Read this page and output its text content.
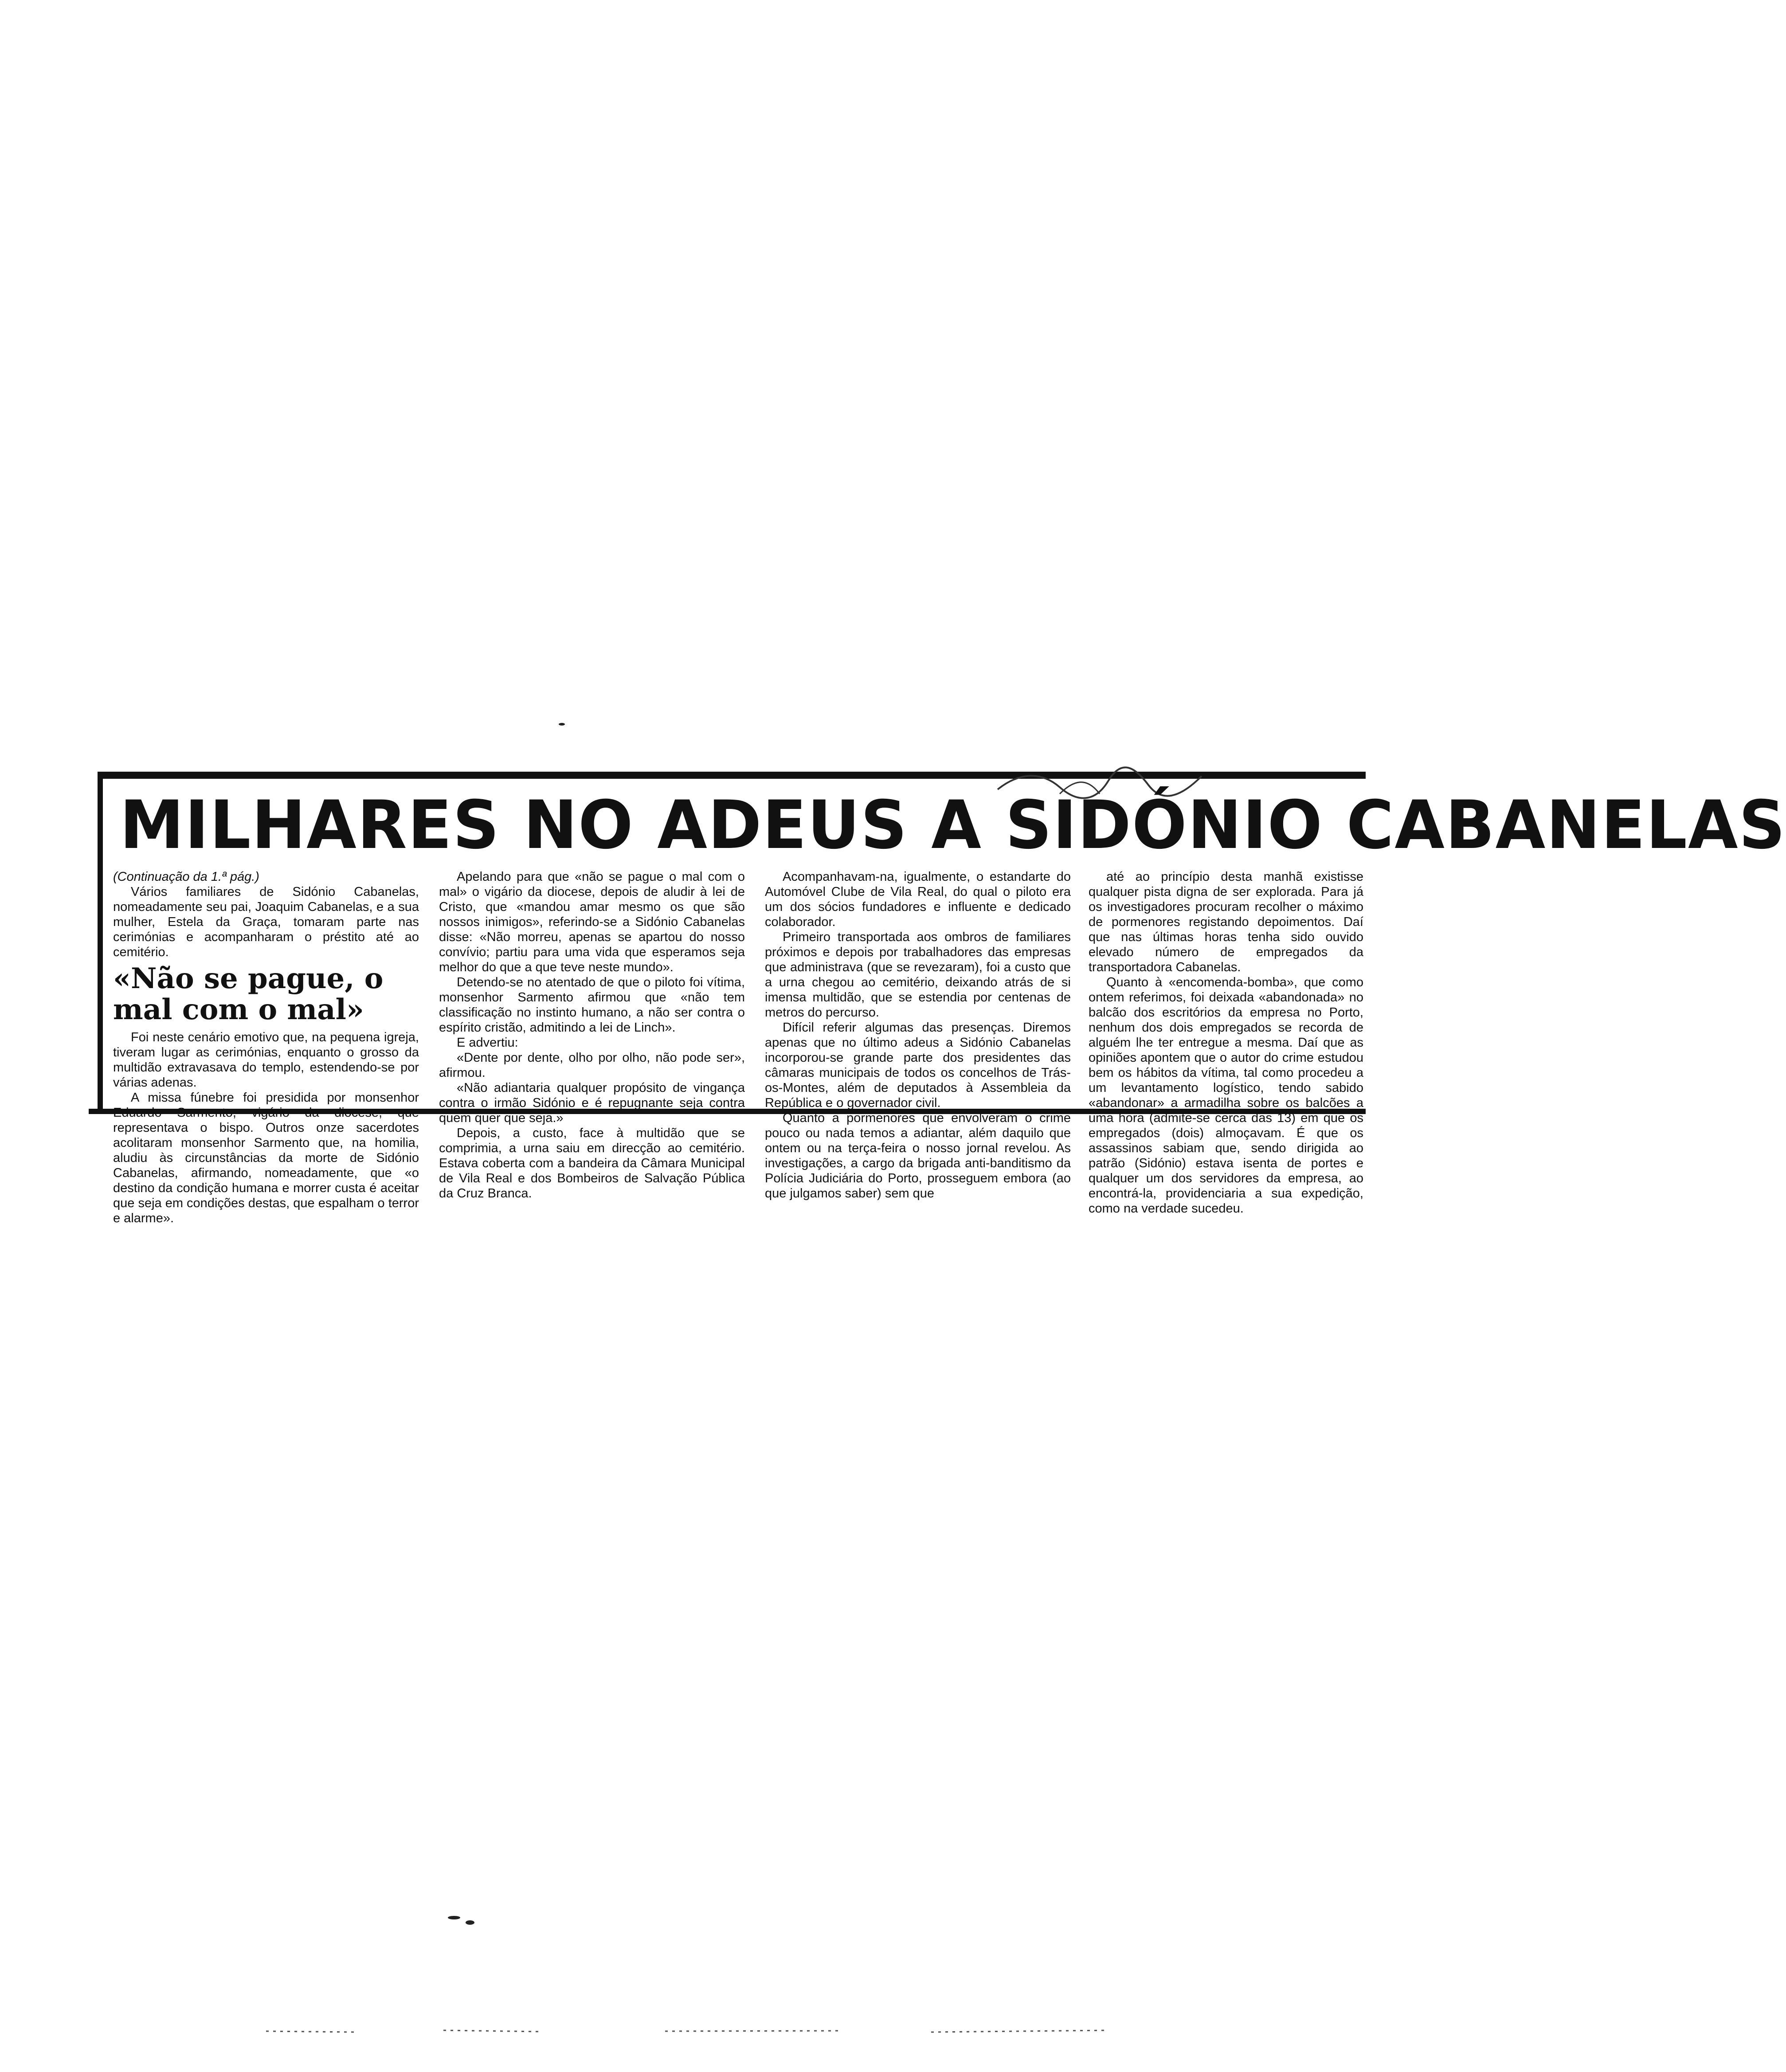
MILHARES NO ADEUS A SIDÓNIO CABANELAS

(Continuação da 1.ª pág.)

Vários familiares de Sidónio Cabanelas, nomeadamente seu pai, Joaquim Cabanelas, e a sua mulher, Estela da Graça, tomaram parte nas cerimónias e acompanharam o préstito até ao cemitério.

«Não se pague, o mal com o mal»

Foi neste cenário emotivo que, na pequena igreja, tiveram lugar as cerimónias, enquanto o grosso da multidão extravasava do templo, estendendo-se por várias adenas.

A missa fúnebre foi presidida por monsenhor Eduardo Sarmento, vigário da diocese, que representava o bispo. Outros onze sacerdotes acolitaram monsenhor Sarmento que, na homilia, aludiu às circunstâncias da morte de Sidónio Cabanelas, afirmando, nomeadamente, que «o destino da condição humana e morrer custa é aceitar que seja em condições destas, que espalham o terror e alarme».

Apelando para que «não se pague o mal com o mal» o vigário da diocese, depois de aludir à lei de Cristo, que «mandou amar mesmo os que são nossos inimigos», referindo-se a Sidónio Cabanelas disse: «Não morreu, apenas se apartou do nosso convívio; partiu para uma vida que esperamos seja melhor do que a que teve neste mundo».

Detendo-se no atentado de que o piloto foi vítima, monsenhor Sarmento afirmou que «não tem classificação no instinto humano, a não ser contra o espírito cristão, admitindo a lei de Linch».

E advertiu:

«Dente por dente, olho por olho, não pode ser», afirmou.

«Não adiantaria qualquer propósito de vingança contra o irmão Sidónio e é repugnante seja contra quem quer que seja.»

Depois, a custo, face à multidão que se comprimia, a urna saiu em direcção ao cemitério. Estava coberta com a bandeira da Câmara Municipal de Vila Real e dos Bombeiros de Salvação Pública da Cruz Branca.

Acompanhavam-na, igualmente, o estandarte do Automóvel Clube de Vila Real, do qual o piloto era um dos sócios fundadores e influente e dedicado colaborador.

Primeiro transportada aos ombros de familiares próximos e depois por trabalhadores das empresas que administrava (que se revezaram), foi a custo que a urna chegou ao cemitério, deixando atrás de si imensa multidão, que se estendia por centenas de metros do percurso.

Difícil referir algumas das presenças. Diremos apenas que no último adeus a Sidónio Cabanelas incorporou-se grande parte dos presidentes das câmaras municipais de todos os concelhos de Trás-os-Montes, além de deputados à Assembleia da República e o governador civil.

Quanto a pormenores que envolveram o crime pouco ou nada temos a adiantar, além daquilo que ontem ou na terça-feira o nosso jornal revelou. As investigações, a cargo da brigada anti-banditismo da Polícia Judiciária do Porto, prosseguem embora (ao que julgamos saber) sem que

até ao princípio desta manhã existisse qualquer pista digna de ser explorada. Para já os investigadores procuram recolher o máximo de pormenores registando depoimentos. Daí que nas últimas horas tenha sido ouvido elevado número de empregados da transportadora Cabanelas.

Quanto à «encomenda-bomba», que como ontem referimos, foi deixada «abandonada» no balcão dos escritórios da empresa no Porto, nenhum dos dois empregados se recorda de alguém lhe ter entregue a mesma. Daí que as opiniões apontem que o autor do crime estudou bem os hábitos da vítima, tal como procedeu a um levantamento logístico, tendo sabido «abandonar» a armadilha sobre os balcões a uma hora (admite-se cerca das 13) em que os empregados (dois) almoçavam. É que os assassinos sabiam que, sendo dirigida ao patrão (Sidónio) estava isenta de portes e qualquer um dos servidores da empresa, ao encontrá-la, providenciaria a sua expedição, como na verdade sucedeu.
